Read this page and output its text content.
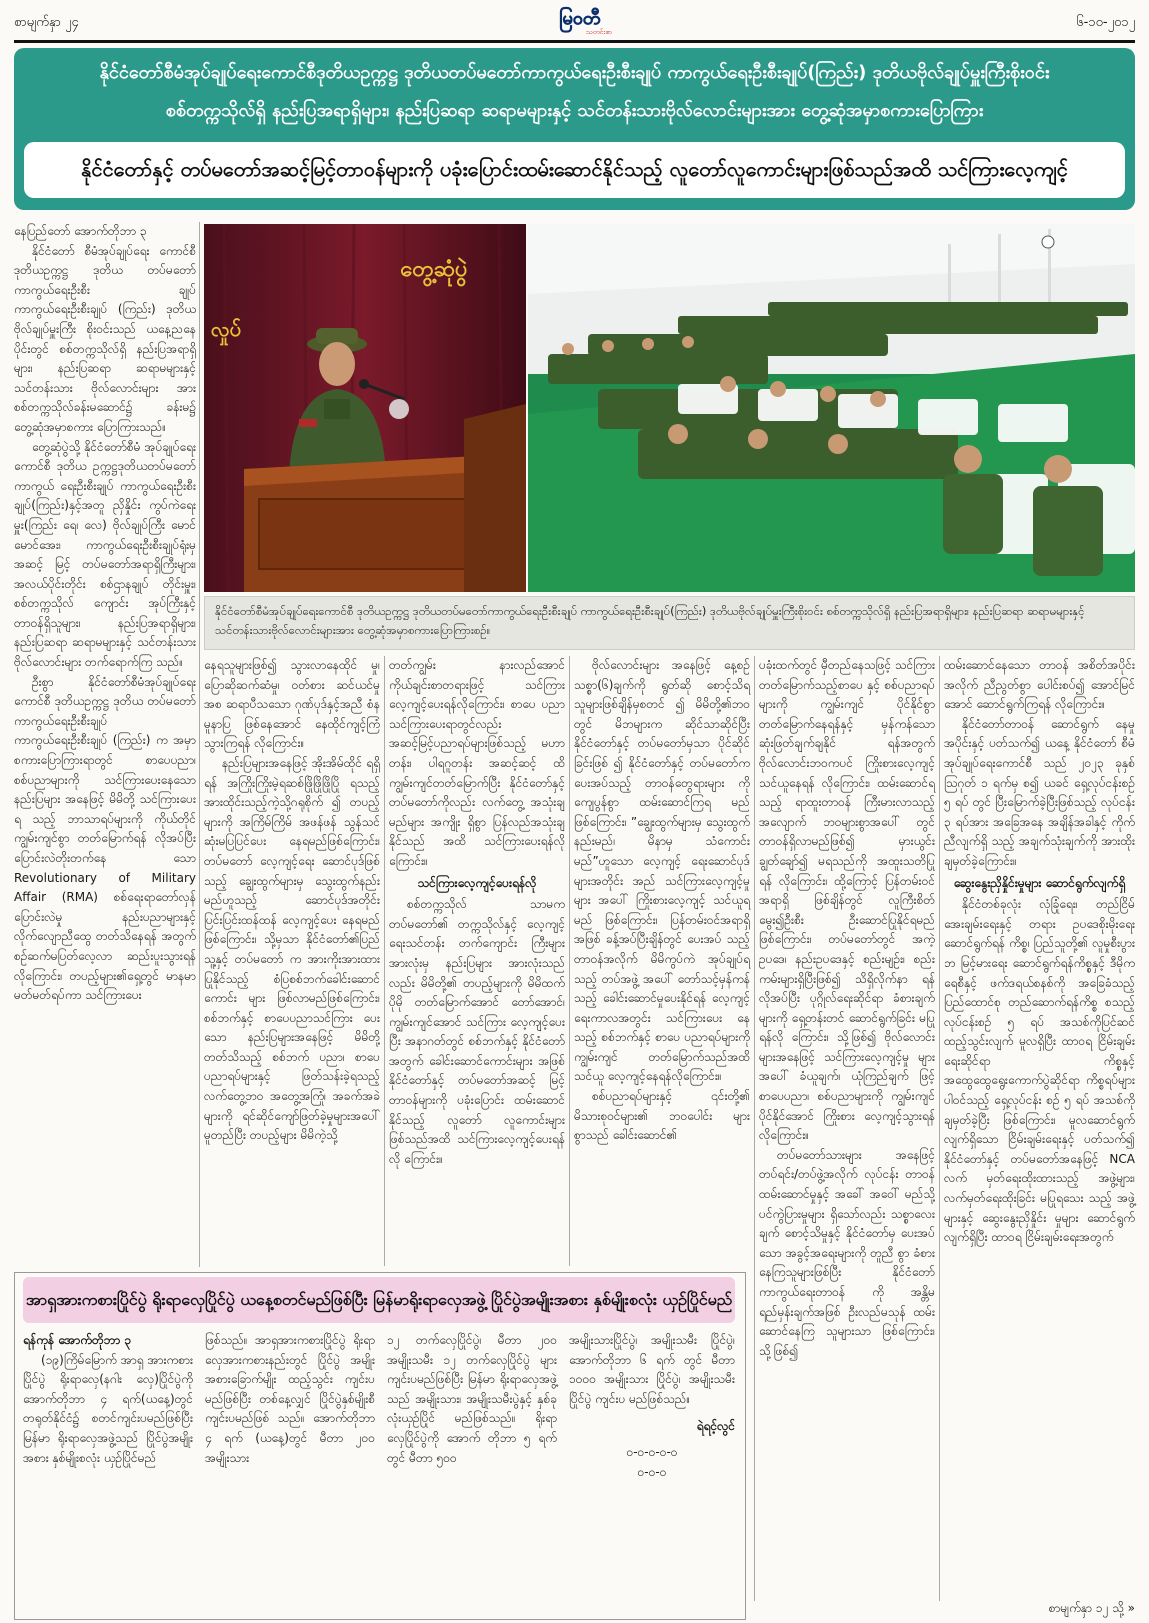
စာမျက်နှာ ၂၄	မြဝတီ
သတင်းစာ
၆-၁၀-၂၀၁၂
နိုင်ငံတော်စီမံအုပ်ချုပ်ရေးကောင်စီဒုတိယဥက္ကဋ္ဌ ဒုတိယတပ်မတော်ကာကွယ်ရေးဦးစီးချုပ် ကာကွယ်ရေးဦးစီးချုပ်(ကြည်း) ဒုတိယဗိုလ်ချုပ်မှူးကြီးစိုးဝင်း
စစ်တက္ကသိုလ်ရှိ နည်းပြအရာရှိများ၊ နည်းပြဆရာ ဆရာမများနှင့် သင်တန်းသားဗိုလ်လောင်းများအား တွေ့ဆုံအမှာစကားပြောကြား
နိုင်ငံတော်နှင့် တပ်မတော်အဆင့်မြင့်တာဝန်များကို ပခုံးပြောင်းထမ်းဆောင်နိုင်သည့် လူတော်လူကောင်းများဖြစ်သည်အထိ သင်ကြားလေ့ကျင့်
တွေ့ဆုံပွဲ
လှုပ်
နိုင်ငံတော်စီမံအုပ်ချုပ်ရေးကောင်စီ ဒုတိယဥက္ကဋ္ဌ ဒုတိယတပ်မတော်ကာကွယ်ရေးဦးစီးချုပ် ကာကွယ်ရေးဦးစီးချုပ်(ကြည်း) ဒုတိယဗိုလ်ချုပ်မှူးကြီးစိုးဝင်း စစ်တက္ကသိုလ်ရှိ နည်းပြအရာရှိများ၊ နည်းပြဆရာ ဆရာမများနှင့် သင်တန်းသားဗိုလ်လောင်းများအား တွေ့ဆုံအမှာစကားပြောကြားစဉ်။

နေပြည်တော် အောက်တိုဘာ ၃

နိုင်ငံတော် စီမံအုပ်ချုပ်ရေး ကောင်စီ ဒုတိယဥက္ကဋ္ဌ ဒုတိယ တပ်မတော် ကာကွယ်ရေးဦးစီး ချုပ် ကာကွယ်ရေးဦးစီးချုပ် (ကြည်း) ဒုတိယဗိုလ်ချုပ်မှူးကြီး စိုးဝင်းသည် ယနေ့ညနေပိုင်းတွင် စစ်တက္ကသိုလ်ရှိ နည်းပြအရာရှိ များ၊ နည်းပြဆရာ ဆရာမများနှင့် သင်တန်းသား ဗိုလ်လောင်းများ အား စစ်တက္ကသိုလ်ခန်းမဆောင်၌ ခန်းမ၌ တွေ့ဆုံအမှာစကား ပြောကြားသည်။

တွေ့ဆုံပွဲသို့ နိုင်ငံတော်စီမံ အုပ်ချုပ်ရေးကောင်စီ ဒုတိယ ဥက္ကဋ္ဌဒုတိယတပ်မတော်ကာကွယ် ရေးဦးစီးချုပ် ကာကွယ်ရေးဦးစီး ချုပ်(ကြည်း)နှင့်အတူ ညှိနှိုင်း ကွပ်ကဲရေးမှူး(ကြည်း ရေ၊ လေ) ဗိုလ်ချုပ်ကြီး မောင်မောင်အေး၊ ကာကွယ်ရေးဦးစီးချုပ်ရုံးမှ အဆင့် မြင့် တပ်မတော်အရာရှိကြီးများ၊ အလယ်ပိုင်းတိုင်း စစ်ဌာနချုပ် တိုင်းမှူး၊ စစ်တက္ကသိုလ် ကျောင်း အုပ်ကြီးနှင့် တာဝန်ရှိသူများ၊ နည်းပြအရာရှိများ၊ နည်းပြဆရာ ဆရာမများနှင့် သင်တန်းသား ဗိုလ်လောင်းများ တက်ရောက်ကြ သည်။

ဦးစွာ နိုင်ငံတော်စီမံအုပ်ချုပ်ရေး ကောင်စီ ဒုတိယဥက္ကဋ္ဌ ဒုတိယ တပ်မတော် ကာကွယ်ရေးဦးစီးချုပ် ကာကွယ်ရေးဦးစီးချုပ် (ကြည်း) က အမှာစကားပြောကြားရာတွင် စာပေပညာ၊ စစ်ပညာများကို သင်ကြားပေးနေသော နည်းပြများ အနေဖြင့် မိမိတို့ သင်ကြားပေးရ သည့် ဘာသာရပ်များကို ကိုယ်တိုင် ကျွမ်းကျင်စွာ တတ်မြောက်ရန် လိုအပ်ပြီး ပြောင်းလဲတိုးတက်နေ သော Revolutionary of Military Affair (RMA) စစ်ရေးရာတော်လှန် ပြောင်းလဲမှု နည်းပညာများနှင့် လိုက်လျောညီထွေ တတ်သိနေရန် အတွက် စဉ်ဆက်မပြတ်လေ့လာ ဆည်းပူးသွားရန် လိုကြောင်း၊ တပည့်များ၏ရှေ့တွင် မာနမာ မတ်မတ်ရပ်ကာ သင်ကြားပေး

နေရသူများဖြစ်၍ သွားလာနေထိုင် မှု၊ ပြောဆိုဆက်ဆံမှု၊ ဝတ်စား ဆင်ယင်မှုအစ ဆရာပီသသော ဂုဏ်ပုဒ်နှင့်အညီ စံနမူနာပြ ဖြစ်နေအောင် နေထိုင်ကျင့်ကြံ သွားကြရန် လိုကြောင်း။

နည်းပြများအနေဖြင့် အိုးအိမ်ထိုင် ရရှိရန် အကြိုးကြိုးမဲ့ရဆစ်ဖြိုဖြိုဖြိုပြို ရသည့် အားထိုင်းသည့်ကဲ့သို့ဂရုစိုက် ၍ တပည့်များကို အကြိမ်ကြိမ် အဖန်ဖန် သွန်သင်ဆုံးမပြပြင်ပေး နေရမည်ဖြစ်ကြောင်း၊ တပ်မတော် လေ့ကျင့်ရေး ဆောင်ပုဒ်ဖြစ်သည့် ချွေးထွက်များမှ သွေးထွက်နည်း မည်ဟူသည့် ဆောင်ပုဒ်အတိုင်း ပြင်းပြင်းထန်ထန် လေ့ကျင့်ပေး နေရမည်ဖြစ်ကြောင်း၊ သို့မှသာ နိုင်ငံတော်၏ပြည်သူ့နှင့် တပ်မတော် က အားကိုးအားထားပြုနိုင်သည့် စံပြစစ်ဘက်ခေါင်းဆောင်ကောင်း များ ဖြစ်လာမည်ဖြစ်ကြောင်း၊ စစ်ဘက်နှင့် စာပေပညာသင်ကြား ပေးသော နည်းပြများအနေဖြင့် မိမိတို့ တတ်သိသည့် စစ်ဘက် ပညာ၊ စာပေပညာရပ်များနှင့် ဖြတ်သန်းခဲ့ရသည့် လက်တွေ့ဘဝ အတွေ့အကြုံ၊ အခက်အခဲများကို ရင်ဆိုင်ကျော်ဖြတ်ခဲ့မှုများအပေါ် မူတည်ပြီး တပည့်များ မိမိကဲ့သို့

တတ်ကျွမ်း နားလည်အောင် ကိုယ်ချင်းစာတရားဖြင့် သင်ကြား လေ့ကျင့်ပေးရန်လိုကြောင်း၊ စာပေ ပညာ သင်ကြားပေးရာတွင်လည်း အဆင့်မြင့်ပညာရပ်များဖြစ်သည့် မဟာတန်း၊ ပါရဂူတန်း အဆင့်ဆင့် ထိ ကျွမ်းကျင်တတ်မြောက်ပြီး နိုင်ငံတော်နှင့် တပ်မတော်ကိုလည်း လက်တွေ့ အသုံးချမည်များ အကျိုး ရှိစွာ ပြန်လည်အသုံးချနိုင်သည် အထိ သင်ကြားပေးရန်လိုကြောင်း။

သင်ကြားလေ့ကျင့်ပေးရန်လို

စစ်တက္ကသိုလ် သာမက တပ်မတော်၏ တက္ကသိုလ်နှင့် လေ့ကျင့်ရေးသင်တန်း တက်ကျောင်း ကြီးများအားလုံးမှ နည်းပြများ အားလုံးသည်လည်း မိမိတို့၏ တပည့်များကို မိမိထက် ပိုမို တတ်မြောက်အောင် တော်အောင်၊ ကျွမ်းကျင်အောင် သင်ကြား လေ့ကျင့်ပေးပြီး အနာဂတ်တွင် စစ်ဘက်နှင့် နိုင်ငံတော်အတွက် ခေါင်းဆောင်ကောင်းများ အဖြစ် နိုင်ငံတော်နှင့် တပ်မတော်အဆင့် မြင့်တာဝန်များကို ပခုံးပြောင်း ထမ်းဆောင်နိုင်သည့် လူတော် လူကောင်းများ ဖြစ်သည်အထိ သင်ကြားလေ့ကျင့်ပေးရန် လို ကြောင်း။

ဗိုလ်လောင်းများ အနေဖြင့် နေ့စဉ် သစ္စာ(၆)ချက်ကို ရွတ်ဆို စောင့်သိရသူများဖြစ်ချိန်မှစတင် ၍ မိမိတို့၏ဘဝတွင် မိဘများက ဆိုင်သာဆိုင်ပြီး နိုင်ငံတော်နှင့် တပ်မတော်မှသာ ပိုင်ဆိုင်ခြင်းဖြစ် ၍ နိုင်ငံတော်နှင့် တပ်မတော်က ပေးအပ်သည့် တာဝန်တွေရားများ ကို ကျေပွန်စွာ ထမ်းဆောင်ကြရ မည်ဖြစ်ကြောင်း၊ ”ချွေးထွက်များမှ သွေးထွက်နည်းမည်၊ မိနာမှ သံကောင်းမည်”ဟူသော လေ့ကျင့် ရေးဆောင်ပုဒ်များအတိုင်း အည် သင်ကြားလေ့ကျင့်မှုများ အပေါ် ကြိုးစားလေ့ကျင့် သင်ယူရမည် ဖြစ်ကြောင်း၊ ပြန်တမ်းဝင်အရာရှိ အဖြစ် ခန့်အပ်ပြီးချိန်တွင် ပေးအပ် သည့်တာဝန်အလိုက် မိမိကွပ်ကဲ အုပ်ချုပ်ရသည့် တပ်အဖွဲ့ အပေါ် တော်သင့်မှန်ကန်သည့် ခေါင်းဆောင်မှုပေးနိုင်ရန် လေ့ကျင့် ရေးကာလအတွင်း သင်ကြားပေး နေသည့် စစ်ဘက်နှင့် စာပေ ပညာရပ်များကို ကျွမ်းကျင် တတ်မြောက်သည်အထိ သင်ယူ လေ့ကျင့်နေရန်လိုကြောင်း။

စစ်ပညာရပ်များနှင့် ၎င်းတို့၏ မိသားစုဝင်များ၏ ဘဝပေါင်း များစွာသည် ခေါင်းဆောင်၏

ပခုံးထက်တွင် မှီတည်နေသဖြင့် သင်ကြားတတ်မြောက်သည့်စာပေ နှင့် စစ်ပညာရပ်များကို ကျွမ်းကျင် ပိုင်နိုင်စွာ တတ်မြောက်နေရန်နှင့် မှန်ကန်သော ဆုံးဖြတ်ချက်ချနိုင် ရန်အတွက် ဗိုလ်လောင်းဘဝကပင် ကြိုးစားလေ့ကျင့် သင်ယူနေရန် လိုကြောင်း၊ ထမ်းဆောင်ရသည့် ရာထူးတာဝန် ကြီးမားလာသည့် အလျောက် ဘဝများစွာအပေါ် တွင် တာဝန်ရှိလာမည်ဖြစ်၍ မှားယွင်းချွတ်ချော်၍ မရသည်ကို အထူးသတိပြုရန် လိုကြောင်း၊ ထို့ကြောင့် ပြန်တမ်းဝင်အရာရှိ ဖြစ်ချိန်တွင် လူကြီးစိတ်မွေး၍ဦးစီး ဦးဆောင်ပြုနိုင်ရမည်ဖြစ်ကြောင်း၊ တပ်မတော်တွင် အကဲ့ဥပဒေ၊ နည်းဥပဒေနှင့် စည်းမျဉ်း၊ စည်း ကမ်းများရှိပြီးဖြစ်၍ သိရှိလိုက်နာ ရန် လိုအပ်ပြီး ပုဂ္ဂိုလ်ရေးဆိုင်ရာ ခံစားချက်များကို ရှေ့တန်းတင် ဆောင်ရွက်ခြင်း မပြုရန်လို ကြောင်း၊ သို့ဖြစ်၍ ဗိုလ်လောင်း များအနေဖြင့် သင်ကြားလေ့ကျင့်မှု များအပေါ် ခံယူချက်၊ ယုံကြည်ချက် ဖြင့် စာပေပညာ၊ စစ်ပညာများကို ကျွမ်းကျင်ပိုင်နိုင်အောင် ကြိုးစား လေ့ကျင့်သွားရန် လိုကြောင်း။

တပ်မတော်သားများ အနေဖြင့် တပ်ရင်း/တပ်ဖွဲ့အလိုက် လုပ်ငန်း တာဝန် ထမ်းဆောင်မှုနှင့် အခေါ် အဝေါ် မည်သို့ပင်ကွဲပြားမှုများ ရှိသော်လည်း သစ္စာလေးချက် စောင့်သိမှုနှင့် နိုင်ငံတော်မှ ပေးအပ် သော အခွင့်အရေးများကို တူညီ စွာ ခံစားနေကြသူများဖြစ်ပြီး နိုင်ငံတော် ကာကွယ်ရေးတာဝန် ကို အန္တိမ ရည်မှန်းချက်အဖြစ် ဦးလည်မသုန် ထမ်းဆောင်နေကြ သူများသာ ဖြစ်ကြောင်း၊ သို့ဖြစ်၍

ထမ်းဆောင်နေသော တာဝန် အစိတ်အပိုင်းအလိုက် ညီညွတ်စွာ ပေါင်းစပ်၍ အောင်မြင်အောင် ဆောင်ရွက်ကြရန် လိုကြောင်း။

နိုင်ငံတော်တာဝန် ဆောင်ရွက် နေမှုအပိုင်းနှင့် ပတ်သက်၍ ယနေ့ နိုင်ငံတော် စီမံအုပ်ချုပ်ရေးကောင်စီ သည် ၂၀၂၃ ခုနှစ် ဩဂုတ် ၁ ရက်မှ စ၍ ယခင် ရှေ့လုပ်ငန်းစဉ် ၅ ရပ် တွင် ပြီးမြောက်ခဲ့ပြီးဖြစ်သည့် လုပ်ငန်း ၃ ရပ်အား အခြေအနေ အချိန်အခါနှင့် ကိုက်ညီလျက်ရှိ သည့် အချက်သုံးချက်ကို အားထိုး ချမှတ်ခဲ့ကြောင်း။

ဆွေးနွေးညှိနှိုင်းမှုများ ဆောင်ရွက်လျက်ရှိ

နိုင်ငံတစ်ခုလုံး လုံခြုံရေး၊ တည်ငြိမ်အေးချမ်းရေးနှင့် တရား ဥပဒေစိုးမိုးရေး ဆောင်ရွက်ရန် ကိစ္စ၊ ပြည်သူတို့၏ လူမှုစီးပွားဘ မြင့်မားရေး ဆောင်ရွက်ရန်ကိစ္စနှင့် ဒီမိုကရေစီနှင့် ဖက်ဒရယ်စနစ်ကို အခြေခံသည့် ပြည်ထောင်စု တည်ဆောက်ရန်ကိစ္စ စသည့် လုပ်ငန်းစဉ် ၅ ရပ် အသစ်ကိုပြင်ဆင် ထည့်သွင်းလျက် မူလရှိပြီး ထာဝရ ငြိမ်းချမ်းရေးဆိုင်ရာ ကိစ္စနှင့် အထွေထွေရွေးကောက်ပွဲဆိုင်ရာ ကိစ္စရပ်များပါဝင်သည့် ရှေ့လုပ်ငန်း စဉ် ၅ ရပ် အသစ်ကို ချမှတ်ခဲ့ပြီး ဖြစ်ကြောင်း၊ မူလဆောင်ရွက် လျက်ရှိသော ငြိမ်းချမ်းရေးနှင့် ပတ်သက်၍ နိုင်ငံတော်နှင့် တပ်မတော်အနေဖြင့် NCA လက် မှတ်ရေးထိုးထားသည့် အဖွဲ့များ၊ လက်မှတ်ရေးထိုးခြင်း မပြုရသေး သည့် အဖွဲ့များနှင့် ဆွေးနွေးညှိနှိုင်း မှုများ ဆောင်ရွက်လျက်ရှိပြီး ထာဝရ ငြိမ်းချမ်းရေးအတွက်

အာရှအားကစားပြိုင်ပွဲ ရိုးရာလှေပြိုင်ပွဲ ယနေ့စတင်မည်ဖြစ်ပြီး မြန်မာရိုးရာလှေအဖွဲ့ ပြိုင်ပွဲအမျိုးအစား နှစ်မျိုးစလုံး ယှဉ်ပြိုင်မည်

ရန်ကုန် အောက်တိုဘာ ၃

(၁၉)ကြိမ်မြောက် အာရှ အားကစားပြိုင်ပွဲ ရိုးရာလှေ(နဂါး လှေ)ပြိုင်ပွဲကို အောက်တိုဘာ ၄ ရက်(ယနေ့)တွင် တရုတ်နိုင်ငံ၌ စတင်ကျင်းပမည်ဖြစ်ပြီး မြန်မာ ရိုးရာလှေအဖွဲ့သည် ပြိုင်ပွဲအမျိုး အစား နှစ်မျိုးစလုံး ယှဉ်ပြိုင်မည်

ဖြစ်သည်။ အာရှအားကစားပြိုင်ပွဲ ရိုးရာ လှေအားကစားနည်းတွင် ပြိုင်ပွဲ အမျိုးအစားခြောက်မျိုး ထည့်သွင်း ကျင်းပမည်ဖြစ်ပြီး တစ်နေ့လျှင် ပြိုင်ပွဲနှစ်မျိုးစီ ကျင်းပမည်ဖြစ် သည်။ အောက်တိုဘာ ၄ ရက် (ယနေ့)တွင် မီတာ ၂၀၀ အမျိုးသား

၁၂ တက်လှေပြိုင်ပွဲ၊ မီတာ ၂၀၀ အမျိုးသမီး ၁၂ တက်လှေပြိုင်ပွဲ များ ကျင်းပမည်ဖြစ်ပြီး မြန်မာ ရိုးရာလှေအဖွဲ့သည် အမျိုးသား၊ အမျိုးသမီးပွဲနှင့် နှစ်ခုလုံးယှဉ်ပြိုင် မည်ဖြစ်သည်။ ရိုးရာလှေပြိုင်ပွဲကို အောက် တိုဘာ ၅ ရက်တွင် မီတာ ၅၀၀

အမျိုးသားပြိုင်ပွဲ၊ အမျိုးသမီး ပြိုင်ပွဲ၊ အောက်တိုဘာ ၆ ရက် တွင် မီတာ ၁၀၀၀ အမျိုးသား ပြိုင်ပွဲ၊ အမျိုးသမီးပြိုင်ပွဲ ကျင်းပ မည်ဖြစ်သည်။

ရဲရင့်လွင်

၀-၀-၀-၀-၀

၀-၀-၀

စာမျက်နှာ ၁၂ သို့ »
